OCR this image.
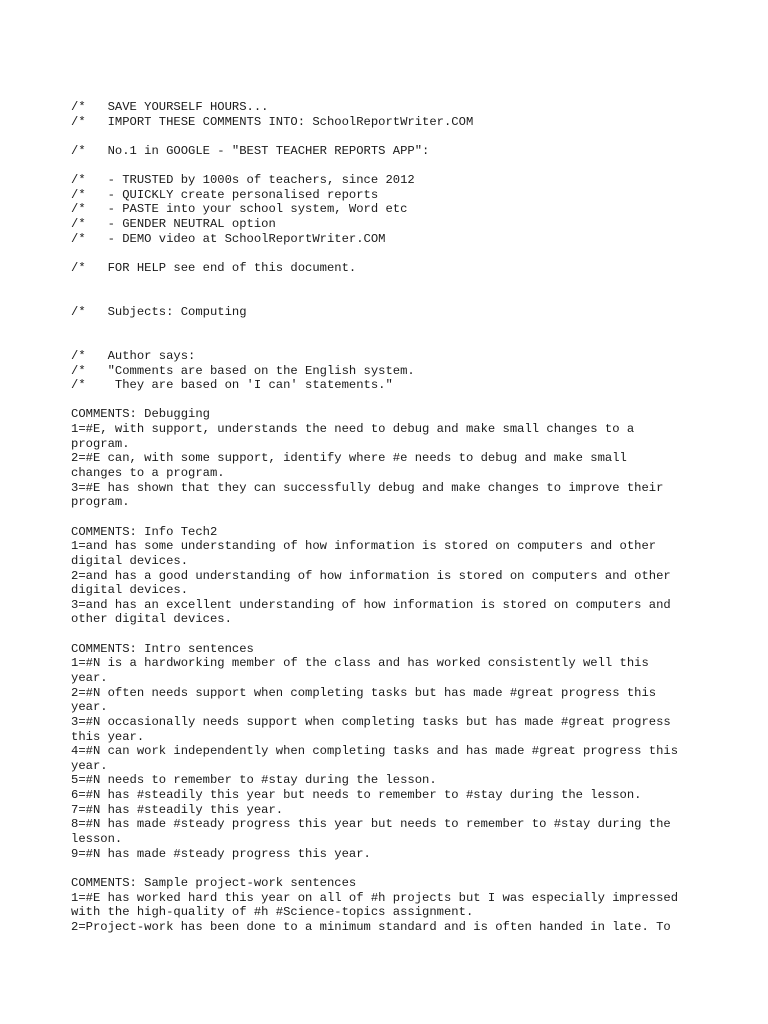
/*   SAVE YOURSELF HOURS...
/*   IMPORT THESE COMMENTS INTO: SchoolReportWriter.COM
/*   No.1 in GOOGLE - "BEST TEACHER REPORTS APP":
/*   - TRUSTED by 1000s of teachers, since 2012
/*   - QUICKLY create personalised reports
/*   - PASTE into your school system, Word etc
/*   - GENDER NEUTRAL option
/*   - DEMO video at SchoolReportWriter.COM
/*   FOR HELP see end of this document.
/*   Subjects: Computing
/*   Author says:
/*   "Comments are based on the English system.
/*    They are based on 'I can' statements."
COMMENTS: Debugging
1=#E, with support, understands the need to debug and make small changes to a
program.
2=#E can, with some support, identify where #e needs to debug and make small
changes to a program.
3=#E has shown that they can successfully debug and make changes to improve their
program.
COMMENTS: Info Tech2
1=and has some understanding of how information is stored on computers and other
digital devices.
2=and has a good understanding of how information is stored on computers and other
digital devices.
3=and has an excellent understanding of how information is stored on computers and
other digital devices.
COMMENTS: Intro sentences
1=#N is a hardworking member of the class and has worked consistently well this
year.
2=#N often needs support when completing tasks but has made #great progress this
year.
3=#N occasionally needs support when completing tasks but has made #great progress
this year.
4=#N can work independently when completing tasks and has made #great progress this
year.
5=#N needs to remember to #stay during the lesson.
6=#N has #steadily this year but needs to remember to #stay during the lesson.
7=#N has #steadily this year.
8=#N has made #steady progress this year but needs to remember to #stay during the
lesson.
9=#N has made #steady progress this year.
COMMENTS: Sample project-work sentences
1=#E has worked hard this year on all of #h projects but I was especially impressed
with the high-quality of #h #Science-topics assignment.
2=Project-work has been done to a minimum standard and is often handed in late. To
